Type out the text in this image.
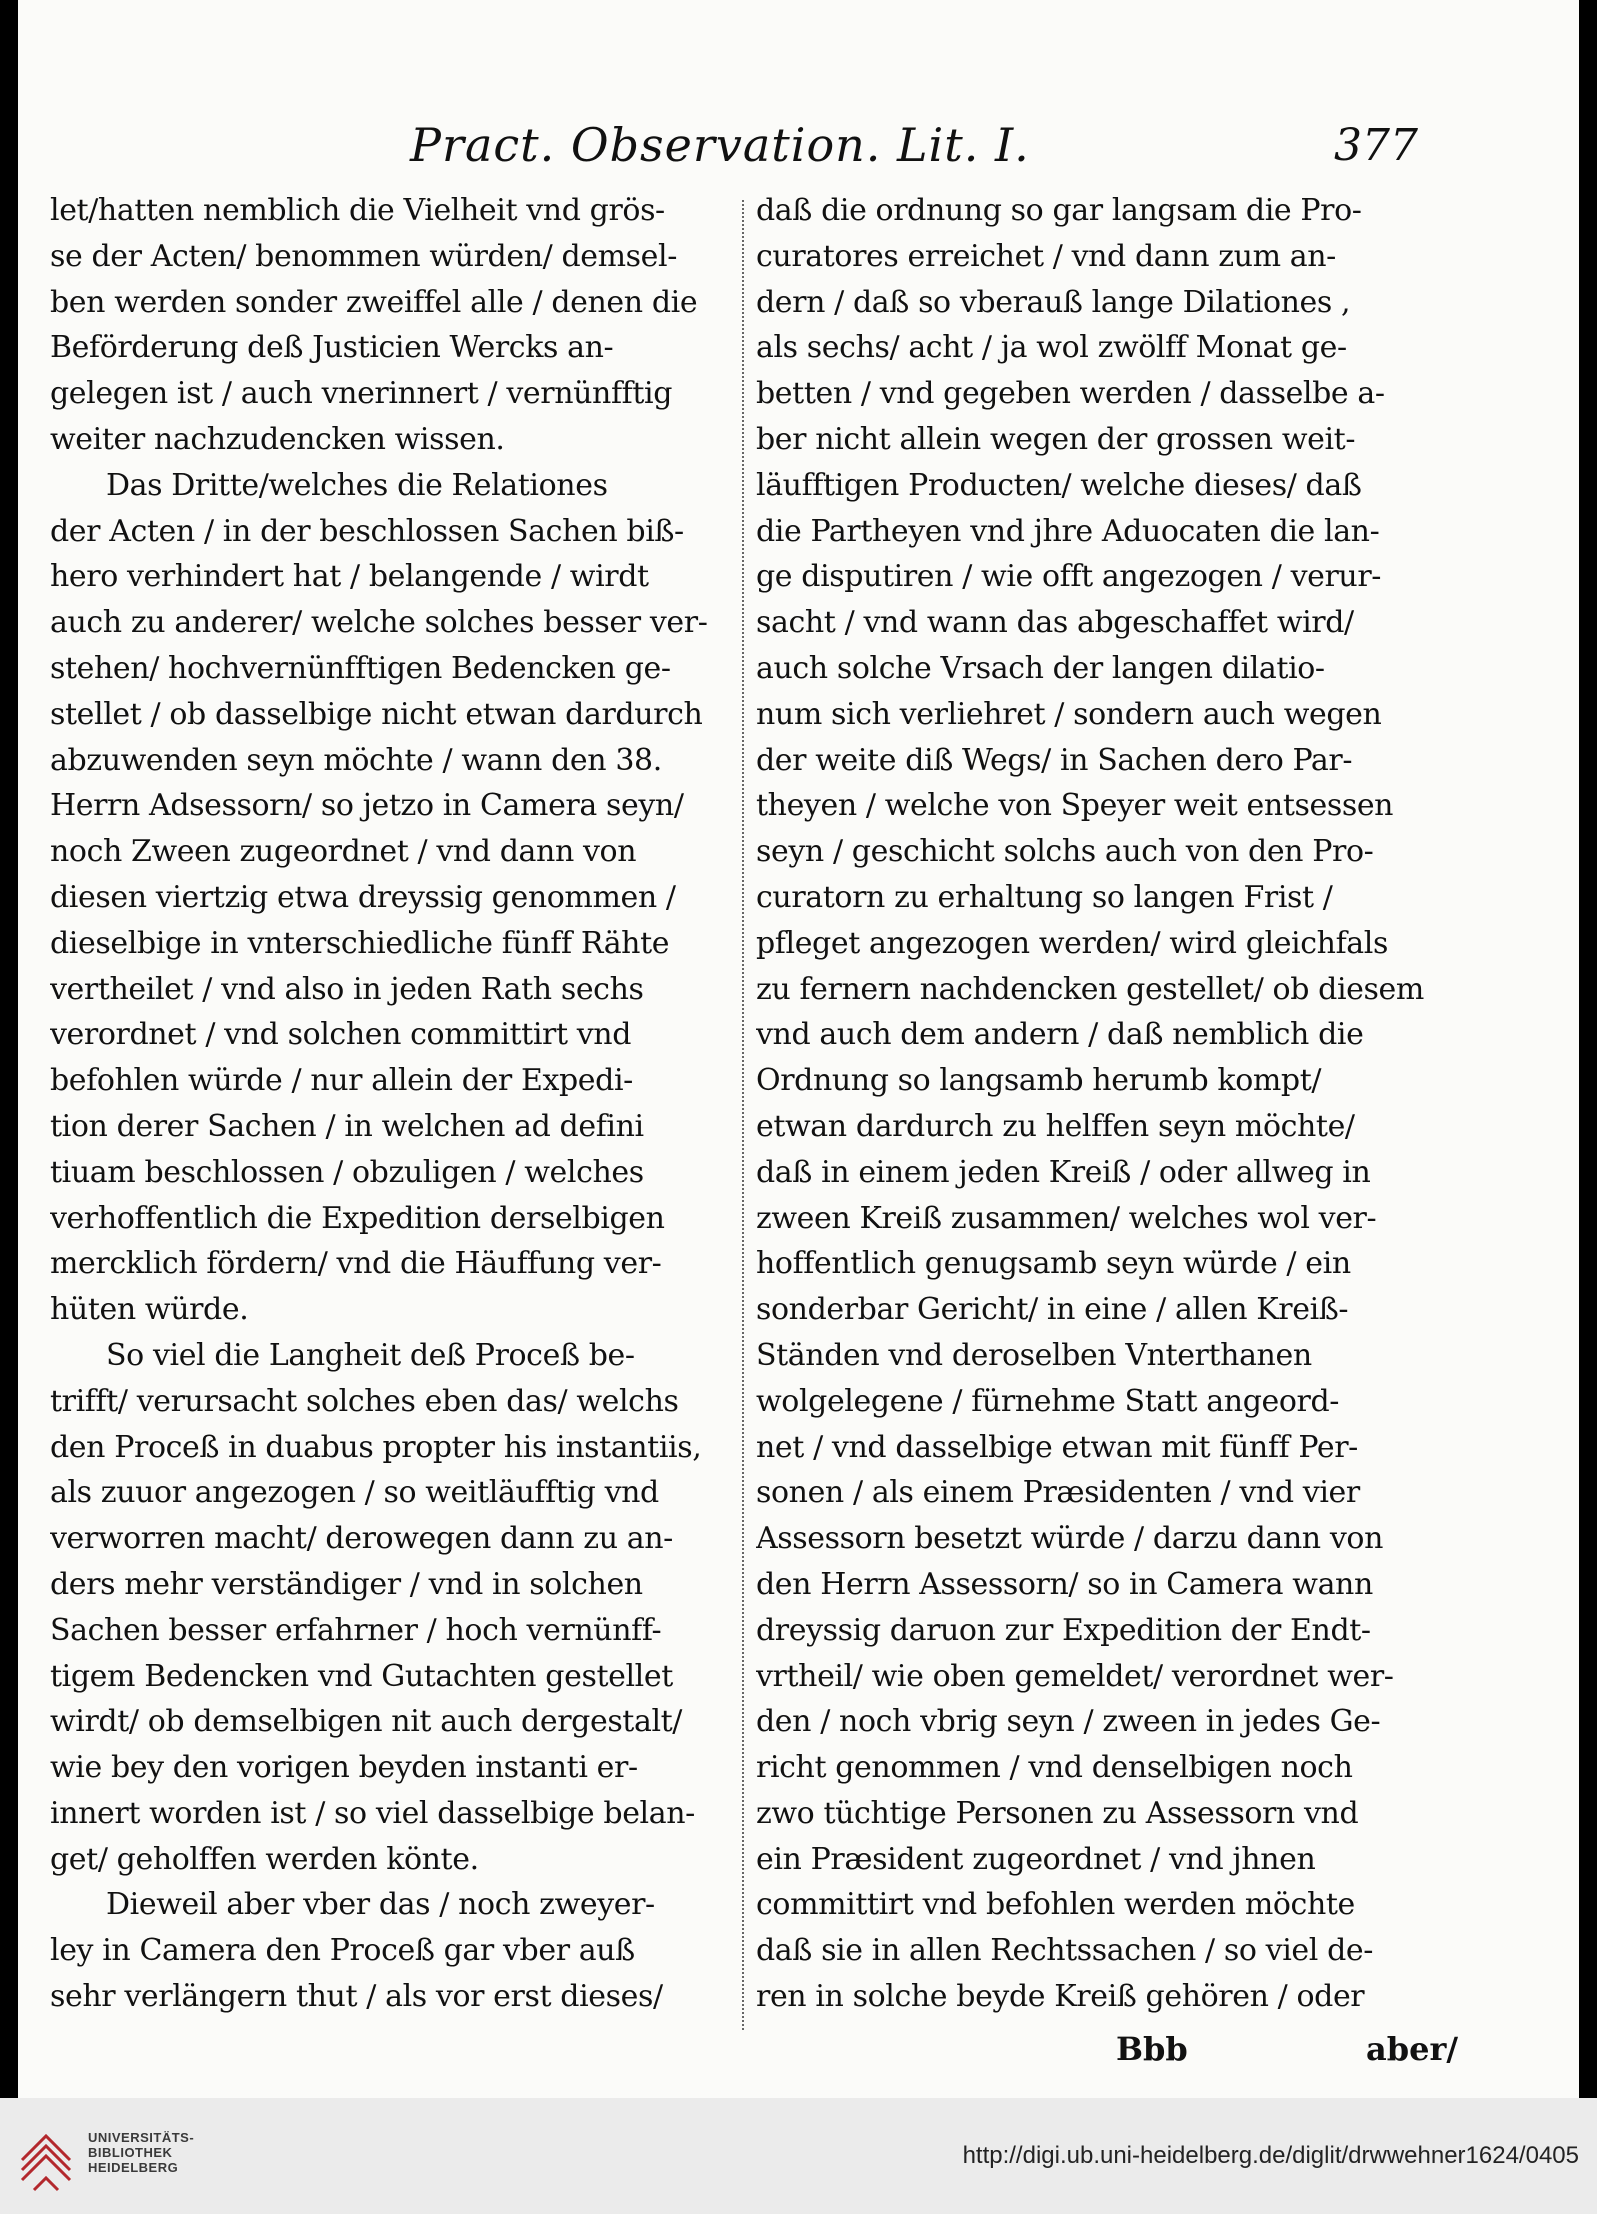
Pract. Observation. Lit. I.	377
let/hatten nemblich die Vielheit vnd grös-
se der Acten/ benommen würden/ demsel-
ben werden sonder zweiffel alle / denen die
Beförderung deß Justicien Wercks an-
gelegen ist / auch vnerinnert / vernünfftig
weiter nachzudencken wissen.
Das Dritte/welches die Relationes
der Acten / in der beschlossen Sachen biß-
hero verhindert hat / belangende / wirdt
auch zu anderer/ welche solches besser ver-
stehen/ hochvernünfftigen Bedencken ge-
stellet / ob dasselbige nicht etwan dardurch
abzuwenden seyn möchte / wann den 38.
Herrn Adsessorn/ so jetzo in Camera seyn/
noch Zween zugeordnet / vnd dann von
diesen viertzig etwa dreyssig genommen /
dieselbige in vnterschiedliche fünff Rähte
vertheilet / vnd also in jeden Rath sechs
verordnet / vnd solchen committirt vnd
befohlen würde / nur allein der Expedi-
tion derer Sachen / in welchen ad defini
tiuam beschlossen / obzuligen / welches
verhoffentlich die Expedition derselbigen
mercklich fördern/ vnd die Häuffung ver-
hüten würde.
So viel die Langheit deß Proceß be-
trifft/ verursacht solches eben das/ welchs
den Proceß in duabus propter his instantiis,
als zuuor angezogen / so weitläufftig vnd
verworren macht/ derowegen dann zu an-
ders mehr verständiger / vnd in solchen
Sachen besser erfahrner / hoch vernünff-
tigem Bedencken vnd Gutachten gestellet
wirdt/ ob demselbigen nit auch dergestalt/
wie bey den vorigen beyden instanti er-
innert worden ist / so viel dasselbige belan-
get/ geholffen werden könte.
Dieweil aber vber das / noch zweyer-
ley in Camera den Proceß gar vber auß
sehr verlängern thut / als vor erst dieses/
daß die ordnung so gar langsam die Pro-
curatores erreichet / vnd dann zum an-
dern / daß so vberauß lange Dilationes ,
als sechs/ acht / ja wol zwölff Monat ge-
betten / vnd gegeben werden / dasselbe a-
ber nicht allein wegen der grossen weit-
läufftigen Producten/ welche dieses/ daß
die Partheyen vnd jhre Aduocaten die lan-
ge disputiren / wie offt angezogen / verur-
sacht / vnd wann das abgeschaffet wird/
auch solche Vrsach der langen dilatio-
num sich verliehret / sondern auch wegen
der weite diß Wegs/ in Sachen dero Par-
theyen / welche von Speyer weit entsessen
seyn / geschicht solchs auch von den Pro-
curatorn zu erhaltung so langen Frist /
pfleget angezogen werden/ wird gleichfals
zu fernern nachdencken gestellet/ ob diesem
vnd auch dem andern / daß nemblich die
Ordnung so langsamb herumb kompt/
etwan dardurch zu helffen seyn möchte/
daß in einem jeden Kreiß / oder allweg in
zween Kreiß zusammen/ welches wol ver-
hoffentlich genugsamb seyn würde / ein
sonderbar Gericht/ in eine / allen Kreiß-
Ständen vnd deroselben Vnterthanen
wolgelegene / fürnehme Statt angeord-
net / vnd dasselbige etwan mit fünff Per-
sonen / als einem Præsidenten / vnd vier
Assessorn besetzt würde / darzu dann von
den Herrn Assessorn/ so in Camera wann
dreyssig daruon zur Expedition der Endt-
vrtheil/ wie oben gemeldet/ verordnet wer-
den / noch vbrig seyn / zween in jedes Ge-
richt genommen / vnd denselbigen noch
zwo tüchtige Personen zu Assessorn vnd
ein Præsident zugeordnet / vnd jhnen
committirt vnd befohlen werden möchte
daß sie in allen Rechtssachen / so viel de-
ren in solche beyde Kreiß gehören / oder
Bbb	aber/
UNIVERSITÄTS-
BIBLIOTHEK
HEIDELBERG	http://digi.ub.uni-heidelberg.de/diglit/drwwehner1624/0405
